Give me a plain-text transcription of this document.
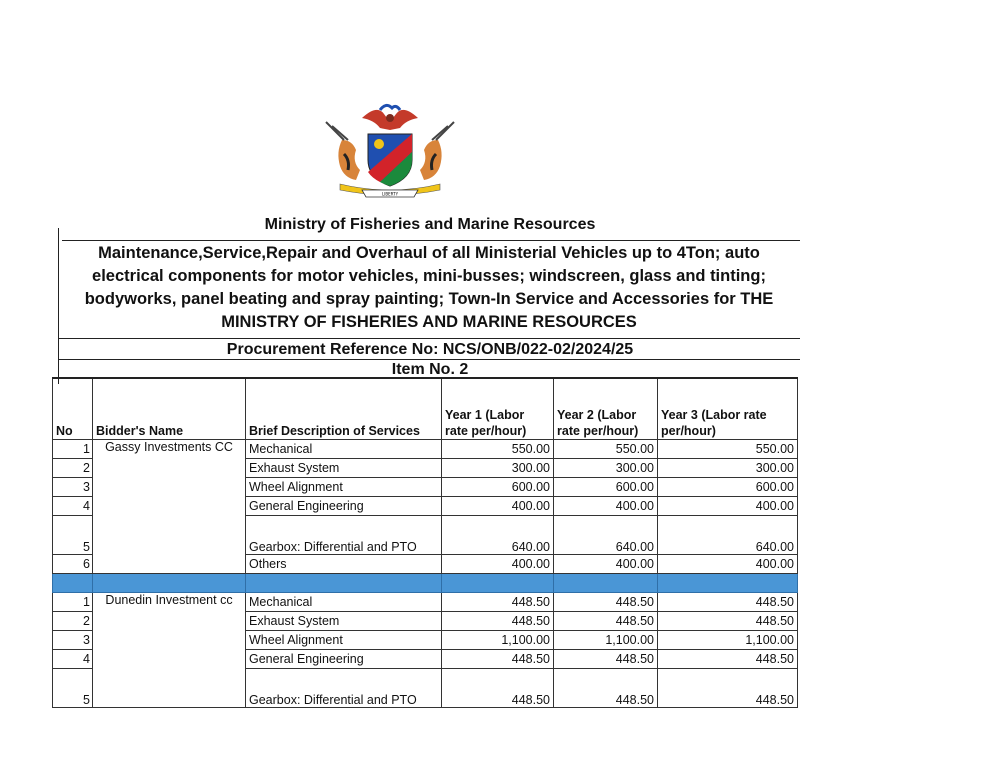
LIBERTY
Ministry of Fisheries and Marine Resources
Maintenance,Service,Repair and Overhaul of all Ministerial Vehicles up to 4Ton; auto electrical components for motor vehicles, mini-busses; windscreen, glass and tinting; bodyworks, panel beating and spray painting; Town-In Service and Accessories for THE MINISTRY OF FISHERIES AND MARINE RESOURCES
Procurement Reference No: NCS/ONB/022-02/2024/25
Item No. 2
No	Bidder's Name	Brief Description of Services	Year 1 (Labor rate per/hour)	Year 2 (Labor rate per/hour)	Year 3 (Labor rate per/hour)
1	Gassy Investments CC	Mechanical	550.00	550.00	550.00
2		Exhaust System	300.00	300.00	300.00
3		Wheel Alignment	600.00	600.00	600.00
4		General Engineering	400.00	400.00	400.00
5		Gearbox: Differential and PTO	640.00	640.00	640.00
6		Others	400.00	400.00	400.00

1	Dunedin Investment cc	Mechanical	448.50	448.50	448.50
2		Exhaust System	448.50	448.50	448.50
3		Wheel Alignment	1,100.00	1,100.00	1,100.00
4		General Engineering	448.50	448.50	448.50
5		Gearbox: Differential and PTO	448.50	448.50	448.50
